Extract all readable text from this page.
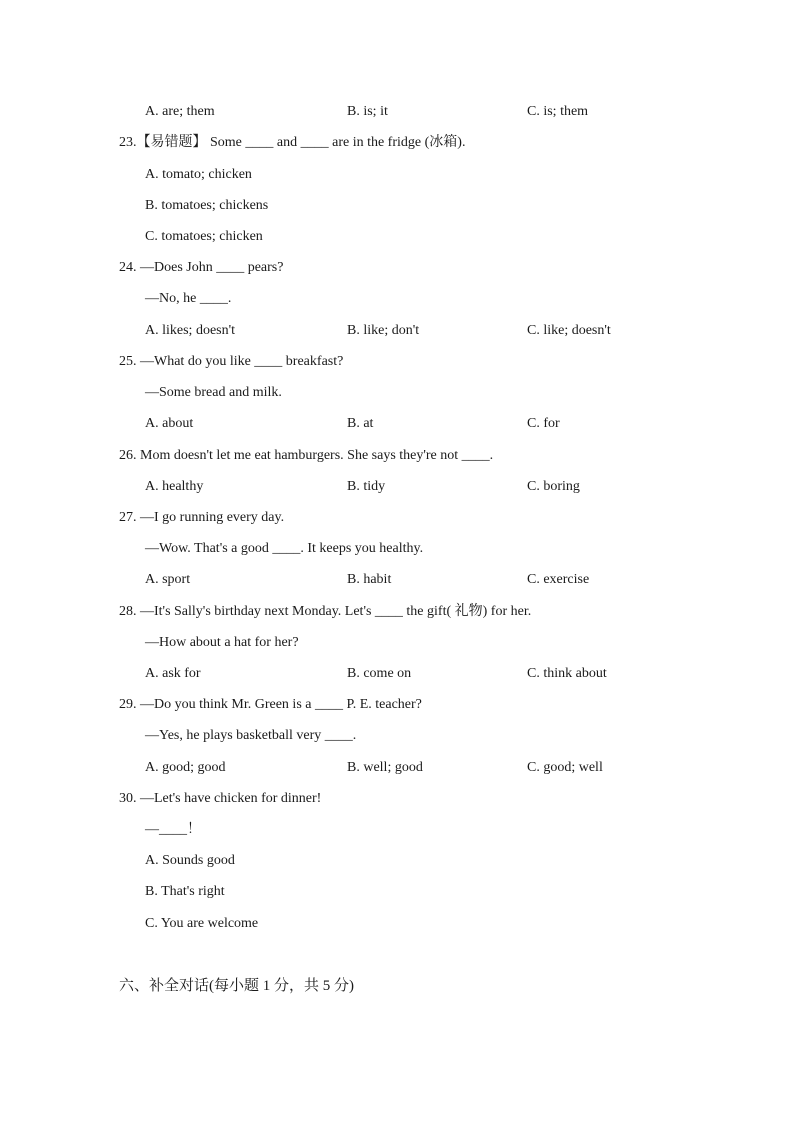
A. are; them	B. is; it	C. is; them
23.【易错题】 Some ____ and ____ are in the fridge (冰箱).
A. tomato; chicken
B. tomatoes; chickens
C. tomatoes; chicken
24. —Does John ____ pears?
—No, he ____.
A. likes; doesn't	B. like; don't	C. like; doesn't
25. —What do you like ____ breakfast?
—Some bread and milk.
A. about	B. at	C. for
26. Mom doesn't let me eat hamburgers. She says they're not ____.
A. healthy	B. tidy	C. boring
27. —I go running every day.
—Wow. That's a good ____. It keeps you healthy.
A. sport	B. habit	C. exercise
28. —It's Sally's birthday next Monday. Let's ____ the gift( 礼物) for her.
—How about a hat for her?
A. ask for	B. come on	C. think about
29. —Do you think Mr. Green is a ____ P. E. teacher?
—Yes, he plays basketball very ____.
A. good; good	B. well; good	C. good; well
30. —Let's have chicken for dinner!
—____！
A. Sounds good
B. That's right
C. You are welcome
六、补全对话(每小题 1 分，共 5 分)
